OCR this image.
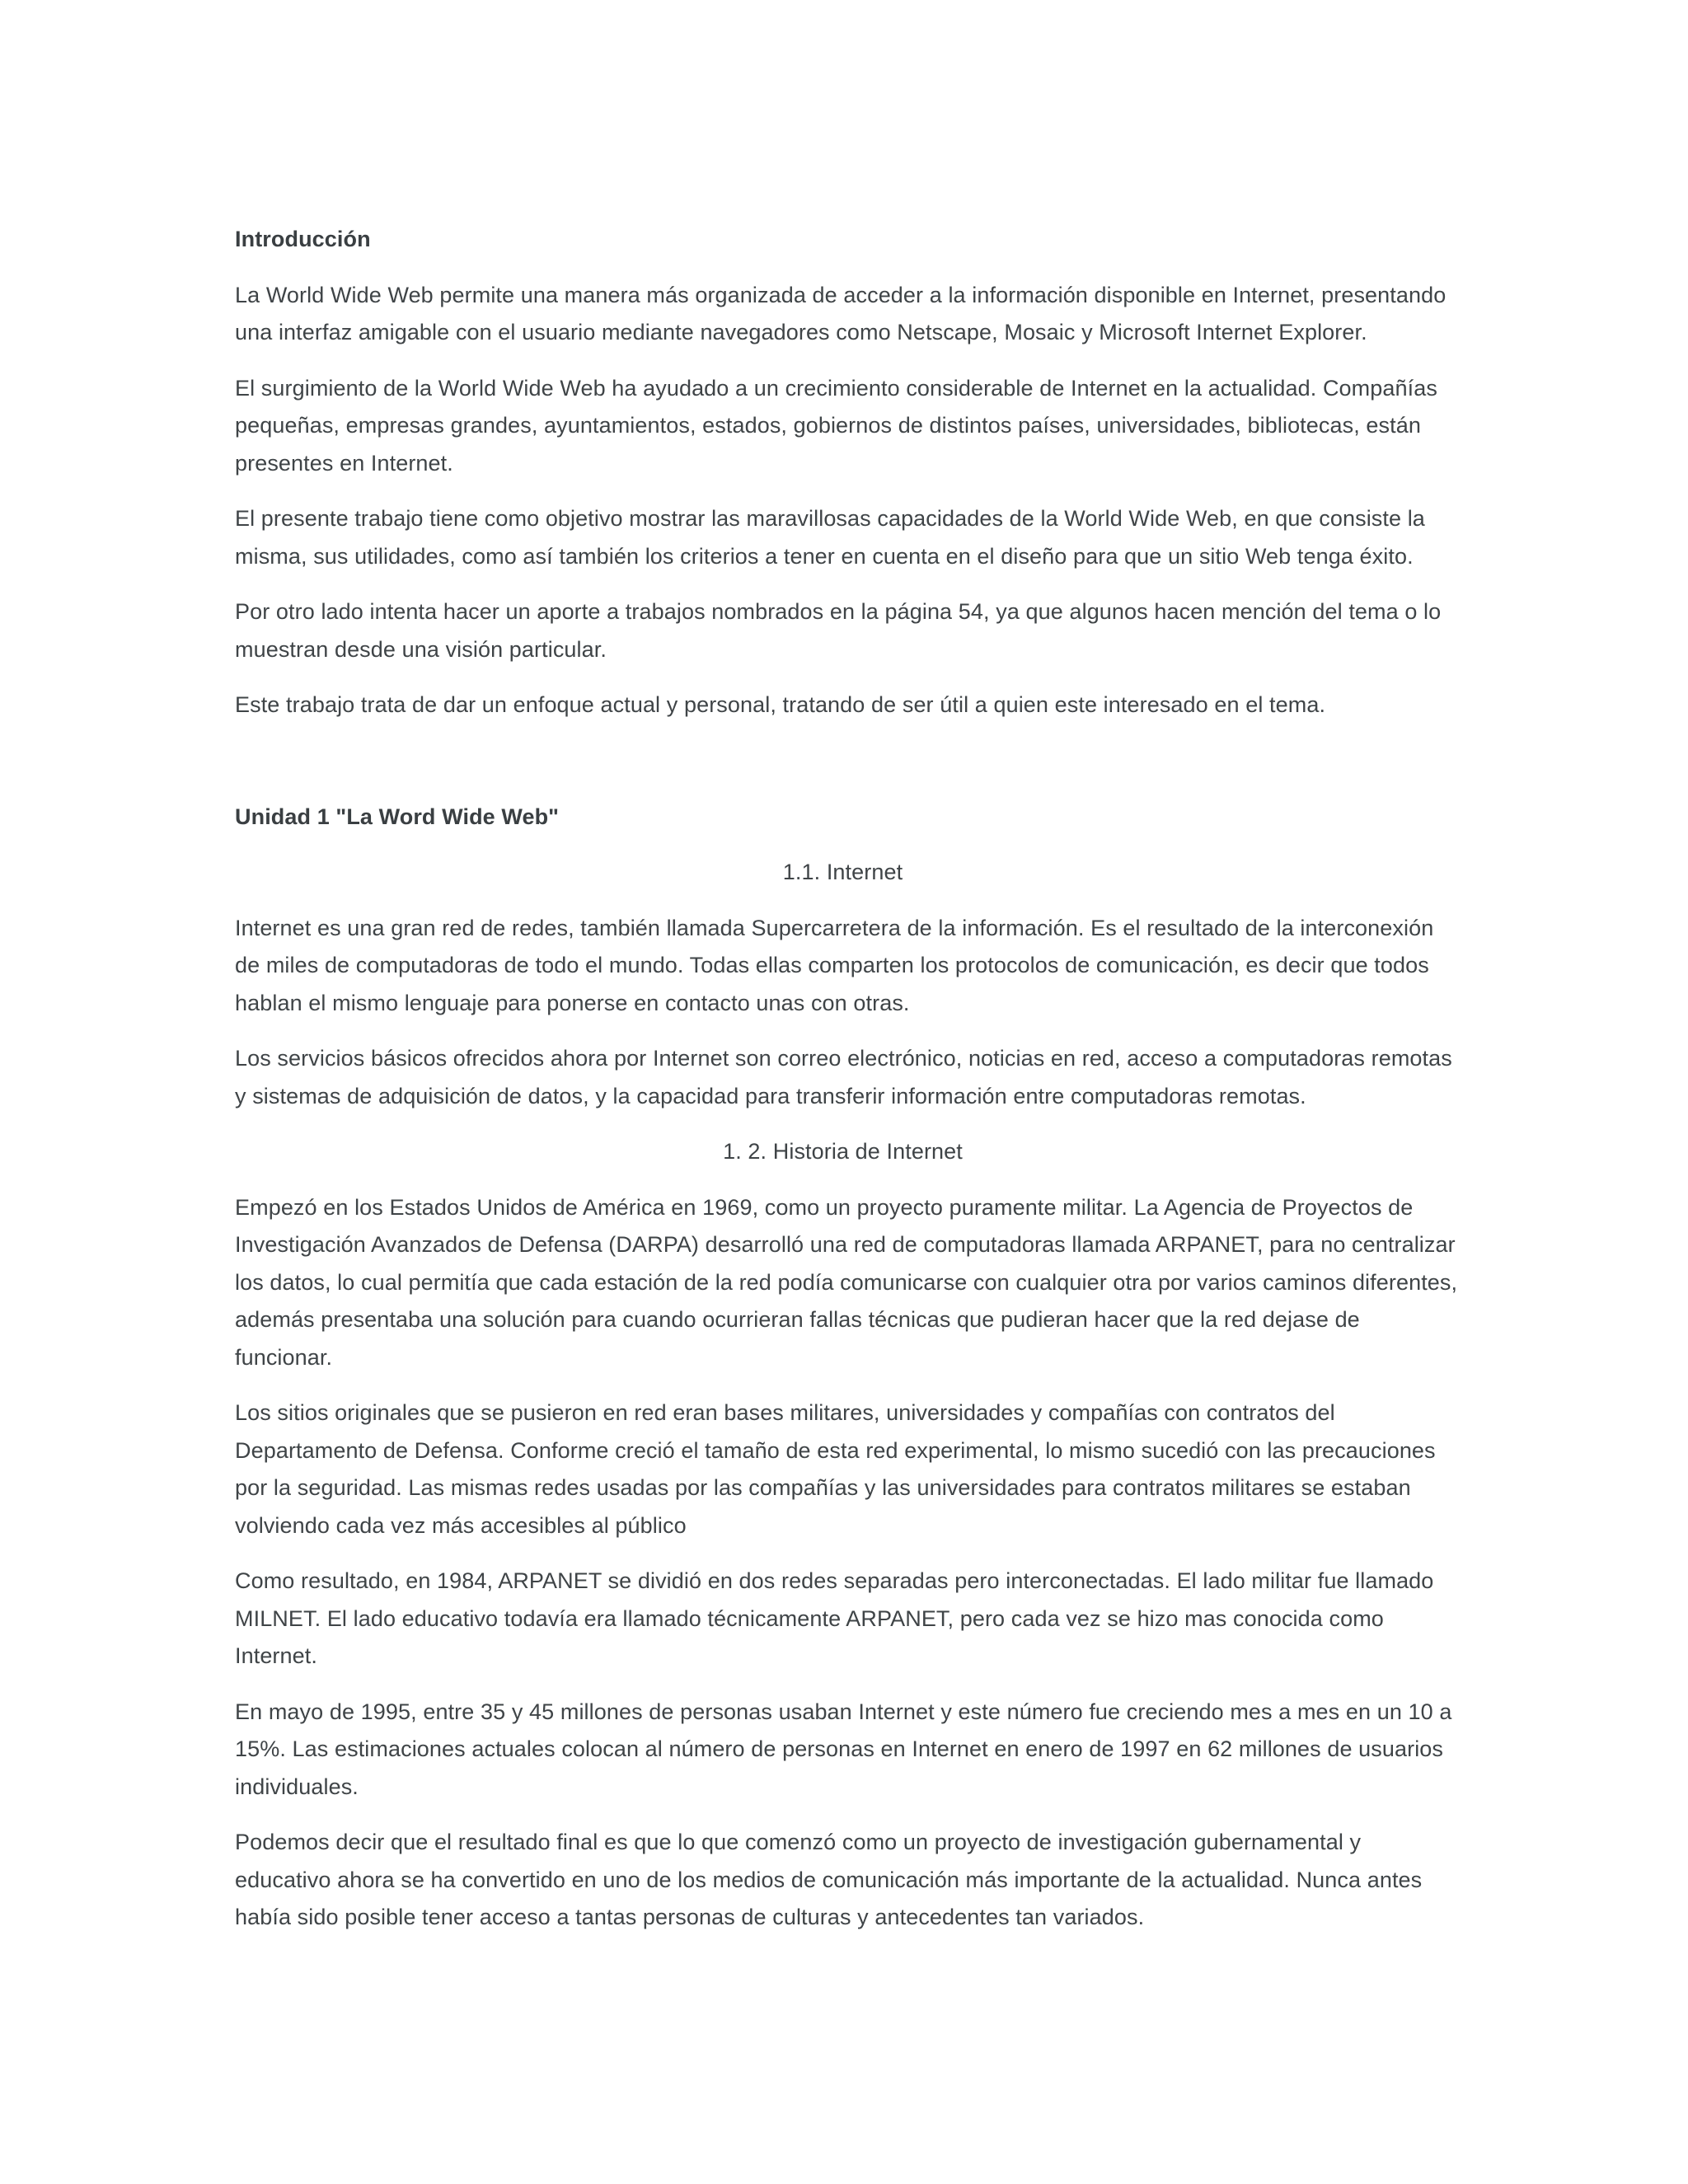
Introducción

La World Wide Web permite una manera más organizada de acceder a la información disponible en Internet, presentando una interfaz amigable con el usuario mediante navegadores como Netscape, Mosaic y Microsoft Internet Explorer.

El surgimiento de la World Wide Web ha ayudado a un crecimiento considerable de Internet en la actualidad. Compañías pequeñas, empresas grandes, ayuntamientos, estados, gobiernos de distintos países, universidades, bibliotecas, están presentes en Internet.

El presente trabajo tiene como objetivo mostrar las maravillosas capacidades de la World Wide Web, en que consiste la misma, sus utilidades, como así también los criterios a tener en cuenta en el diseño para que un sitio Web tenga éxito.

Por otro lado intenta hacer un aporte a trabajos nombrados en la página 54, ya que algunos hacen mención del tema o lo muestran desde una visión particular.

Este trabajo trata de dar un enfoque actual y personal, tratando de ser útil a quien este interesado en el tema.

Unidad 1 "La Word Wide Web"

1.1. Internet

Internet es una gran red de redes, también llamada Supercarretera de la información. Es el resultado de la interconexión de miles de computadoras de todo el mundo. Todas ellas comparten los protocolos de comunicación, es decir que todos hablan el mismo lenguaje para ponerse en contacto unas con otras.

Los servicios básicos ofrecidos ahora por Internet son correo electrónico, noticias en red, acceso a computadoras remotas y sistemas de adquisición de datos, y la capacidad para transferir información entre computadoras remotas.

1. 2. Historia de Internet

Empezó en los Estados Unidos de América en 1969, como un proyecto puramente militar. La Agencia de Proyectos de Investigación Avanzados de Defensa (DARPA) desarrolló una red de computadoras llamada ARPANET, para no centralizar los datos, lo cual permitía que cada estación de la red podía comunicarse con cualquier otra por varios caminos diferentes, además presentaba una solución para cuando ocurrieran fallas técnicas que pudieran hacer que la red dejase de funcionar.

Los sitios originales que se pusieron en red eran bases militares, universidades y compañías con contratos del Departamento de Defensa. Conforme creció el tamaño de esta red experimental, lo mismo sucedió con las precauciones por la seguridad. Las mismas redes usadas por las compañías y las universidades para contratos militares se estaban volviendo cada vez más accesibles al público

Como resultado, en 1984, ARPANET se dividió en dos redes separadas pero interconectadas. El lado militar fue llamado MILNET. El lado educativo todavía era llamado técnicamente ARPANET, pero cada vez se hizo mas conocida como Internet.

En mayo de 1995, entre 35 y 45 millones de personas usaban Internet y este número fue creciendo mes a mes en un 10 a 15%. Las estimaciones actuales colocan al número de personas en Internet en enero de 1997 en 62 millones de usuarios individuales.

Podemos decir que el resultado final es que lo que comenzó como un proyecto de investigación gubernamental y educativo ahora se ha convertido en uno de los medios de comunicación más importante de la actualidad. Nunca antes había sido posible tener acceso a tantas personas de culturas y antecedentes tan variados.
